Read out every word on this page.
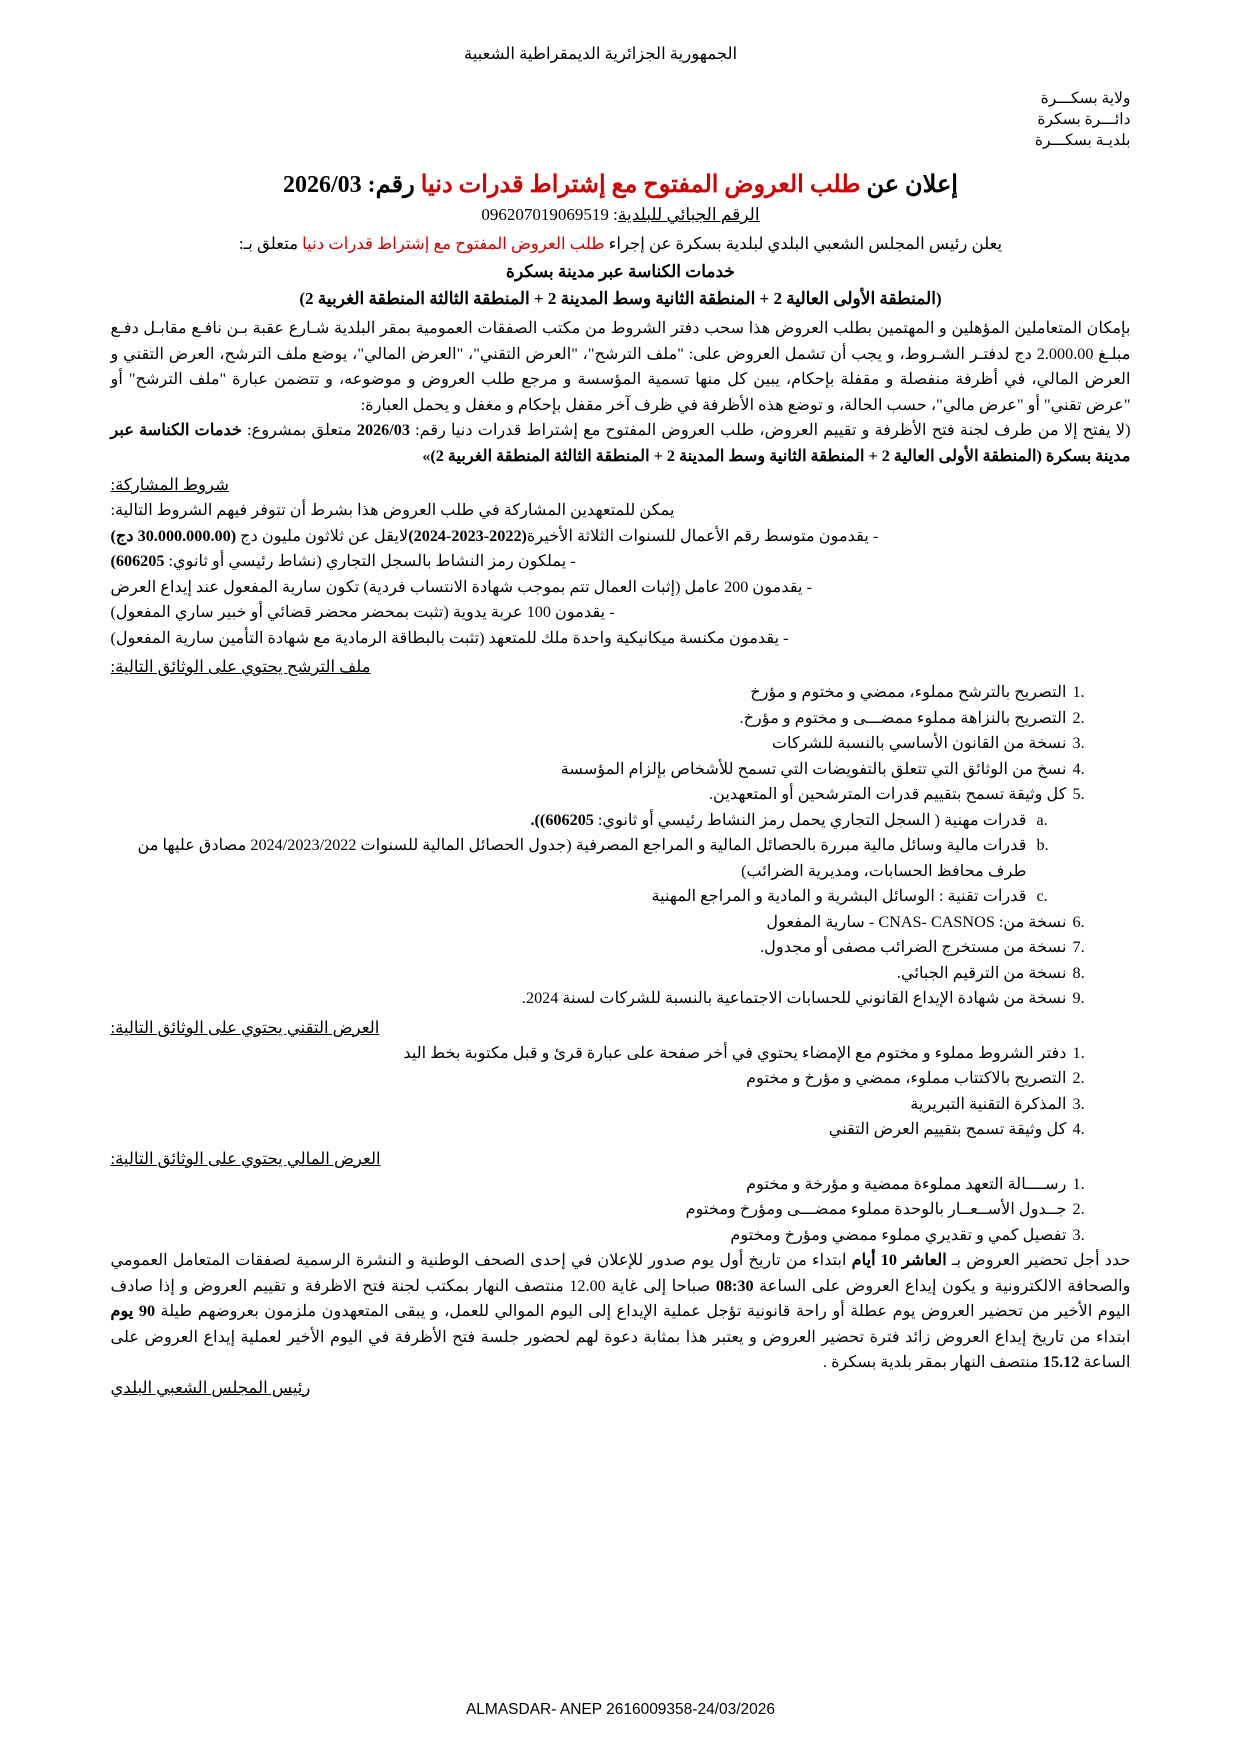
الجمهورية الجزائرية الديمقراطية الشعبية
ولاية بسكـــرة
دائـــرة بسكرة
بلديـة بسكـــرة
إعلان عن طلب العروض المفتوح مع إشتراط قدرات دنيا رقم: 2026/03
الرقم الجبائي للبلدية: 096207019069519
يعلن رئيس المجلس الشعبي البلدي لبلدية بسكرة عن إجراء طلب العروض المفتوح مع إشتراط قدرات دنيا متعلق بـ:
خدمات الكناسة عبر مدينة بسكرة
(المنطقة الأولى العالية 2 + المنطقة الثانية وسط المدينة 2 + المنطقة الثالثة المنطقة الغربية 2)

بإمكان المتعاملين المؤهلين و المهتمين بطلب العروض هذا سحب دفتر الشروط من مكتب الصفقات العمومية بمقر البلدية شـارع عقبة بـن نافـع مقابـل دفـع مبلـغ 2.000.00 دج لدفتـر الشـروط، و يجب أن تشمل العروض على: "ملف الترشح"، "العرض التقني"، "العرض المالي"، يوضع ملف الترشح، العرض التقني و العرض المالي، في أظرفة منفصلة و مقفلة بإحكام، يبين كل منها تسمية المؤسسة و مرجع طلب العروض و موضوعه، و تتضمن عبارة "ملف الترشح" أو "عرض تقني" أو "عرض مالي"، حسب الحالة، و توضع هذه الأظرفة في ظرف آخر مقفل بإحكام و مغفل و يحمل العبارة:

(لا يفتح إلا من طرف لجنة فتح الأظرفة و تقييم العروض، طلب العروض المفتوح مع إشتراط قدرات دنيا رقم: 2026/03 متعلق بمشروع: خدمات الكناسة عبر مدينة بسكرة (المنطقة الأولى العالية 2 + المنطقة الثانية وسط المدينة 2 + المنطقة الثالثة المنطقة الغربية 2)»

شروط المشاركة:
يمكن للمتعهدين المشاركة في طلب العروض هذا بشرط أن تتوفر فيهم الشروط التالية:
- يقدمون متوسط رقم الأعمال للسنوات الثلاثة الأخيرة(2022-2023-2024)لايقل عن ثلاثون مليون دج (30.000.000.00 دج)
- يملكون رمز النشاط بالسجل التجاري (نشاط رئيسي أو ثانوي: 606205)
- يقدمون 200 عامل (إثبات العمال تتم بموجب شهادة الانتساب فردية) تكون سارية المفعول عند إيداع العرض
- يقدمون 100 عربة يدوية (تثبت بمحضر محضر قضائي أو خبير ساري المفعول)
- يقدمون مكنسة ميكانيكية واحدة ملك للمتعهد (تثبت بالبطاقة الرمادية مع شهادة التأمين سارية المفعول)
ملف الترشح يحتوي على الوثائق التالية:
1.
التصريح بالترشح مملوء، ممضي و مختوم و مؤرخ
2.
التصريح بالنزاهة مملوء ممضـــى و مختوم و مؤرخ.
3.
نسخة من القانون الأساسي بالنسبة للشركات
4.
نسخ من الوثائق التي تتعلق بالتفويضات التي تسمح للأشخاص بإلزام المؤسسة
5.
كل وثيقة تسمح بتقييم قدرات المترشحين أو المتعهدين.
a.
قدرات مهنية ( السجل التجاري يحمل رمز النشاط رئيسي أو ثانوي: 606205)).
b.
قدرات مالية وسائل مالية مبررة بالحصائل المالية و المراجع المصرفية (جدول الحصائل المالية للسنوات 2024/2023/2022 مصادق عليها من طرف محافظ الحسابات، ومديرية الضرائب)
c.
قدرات تقنية : الوسائل البشرية و المادية و المراجع المهنية
6.
نسخة من: CNAS- CASNOS - سارية المفعول
7.
نسخة من مستخرج الضرائب مصفى أو مجدول.
8.
نسخة من الترقيم الجبائي.
9.
نسخة من شهادة الإيداع القانوني للحسابات الاجتماعية بالنسبة للشركات لسنة 2024.
العرض التقني يحتوي على الوثائق التالية:
1.
دفتر الشروط مملوء و مختوم مع الإمضاء يحتوي في أخر صفحة على عبارة قرئ و قبل مكتوبة بخط اليد
2.
التصريح بالاكتتاب مملوء، ممضي و مؤرخ و مختوم
3.
المذكرة التقنية التبريرية
4.
كل وثيقة تسمح بتقييم العرض التقني
العرض المالي يحتوي على الوثائق التالية:
1.
رســــالة التعهد مملوءة ممضية و مؤرخة و مختوم
2.
جــدول الأســعــار بالوحدة مملوء ممضـــى ومؤرخ ومختوم
3.
تفصيل كمي و تقديري مملوء ممضي ومؤرخ ومختوم

حدد أجل تحضير العروض بـ العاشر 10 أيام ابتداء من تاريخ أول يوم صدور للإعلان في إحدى الصحف الوطنية و النشرة الرسمية لصفقات المتعامل العمومي والصحافة الالكترونية و يكون إيداع العروض على الساعة 08:30 صباحا إلى غاية 12.00 منتصف النهار بمكتب لجنة فتح الاظرفة و تقييم العروض و إذا صادف اليوم الأخير من تحضير العروض يوم عطلة أو راحة قانونية تؤجل عملية الإيداع إلى اليوم الموالي للعمل، و يبقى المتعهدون ملزمون بعروضهم طيلة 90 يوم ابتداء من تاريخ إيداع العروض زائد فترة تحضير العروض و يعتبر هذا بمثابة دعوة لهم لحضور جلسة فتح الأظرفة في اليوم الأخير لعملية إيداع العروض على الساعة 15.12 منتصف النهار بمقر بلدية بسكرة .

رئيس المجلس الشعبي البلدي
ALMASDAR- ANEP 2616009358-24/03/2026
